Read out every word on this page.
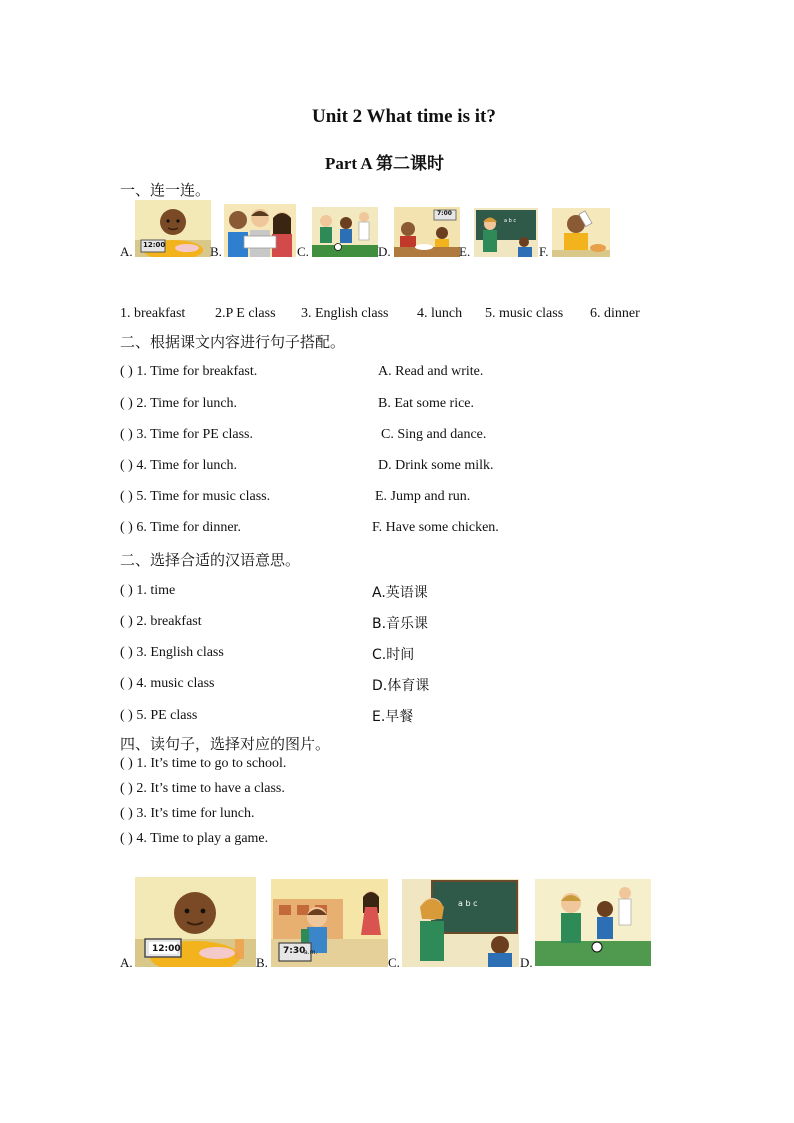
Unit 2 What time is it?
Part A 第二课时
一、连一连。
12:00
7:00
a b c
A.	B.	C.	D.	E.	F.
1. breakfast 2.P E class 3. English class 4. lunch 5. music class 6. dinner
二、根据课文内容进行句子搭配。
( ) 1. Time for breakfast.	A. Read and write.
( ) 2. Time for lunch.	B. Eat some rice.
( ) 3. Time for PE class.	C. Sing and dance.
( ) 4. Time for lunch.	D. Drink some milk.
( ) 5. Time for music class.	E. Jump and run.
( ) 6. Time for dinner.	F. Have some chicken.
二、选择合适的汉语意思。
( ) 1. time	A.英语课
( ) 2. breakfast	B.音乐课
( ) 3. English class	C.时间
( ) 4. music class	D.体育课
( ) 5. PE class	E.早餐
四、读句子，选择对应的图片。
( ) 1. It’s time to go to school.
( ) 2. It’s time to have a class.
( ) 3. It’s time for lunch.
( ) 4. Time to play a game.
12:00	7:30
a.m.
a b c
A.	B.	C.	D.
